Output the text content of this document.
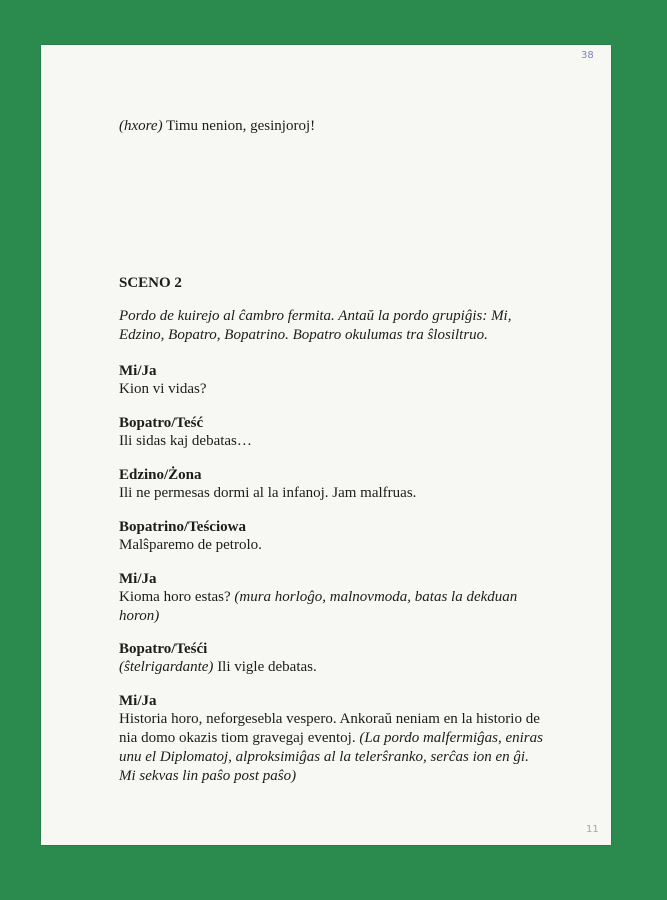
38
11
(hxore) Timu nenion, gesinjoroj!
SCENO 2
Pordo de kuirejo al ĉambro fermita. Antaŭ la pordo grupiĝis: Mi,
Edzino, Bopatro, Bopatrino. Bopatro okulumas tra ŝlosiltruo.
Mi/Ja
Kion vi vidas?
Bopatro/Teść
Ili sidas kaj debatas…
Edzino/Żona
Ili ne permesas dormi al la infanoj. Jam malfruas.
Bopatrino/Teściowa
Malŝparemo de petrolo.
Mi/Ja
Kioma horo estas? (mura horloĝo, malnovmoda, batas la dekduan
horon)
Bopatro/Teśći
(ŝtelrigardante) Ili vigle debatas.
Mi/Ja
Historia horo, neforgesebla vespero. Ankoraŭ neniam en la historio de
nia domo okazis tiom gravegaj eventoj. (La pordo malfermiĝas, eniras
unu el Diplomatoj, alproksimiĝas al la telerŝranko, serĉas ion en ĝi.
Mi sekvas lin paŝo post paŝo)
